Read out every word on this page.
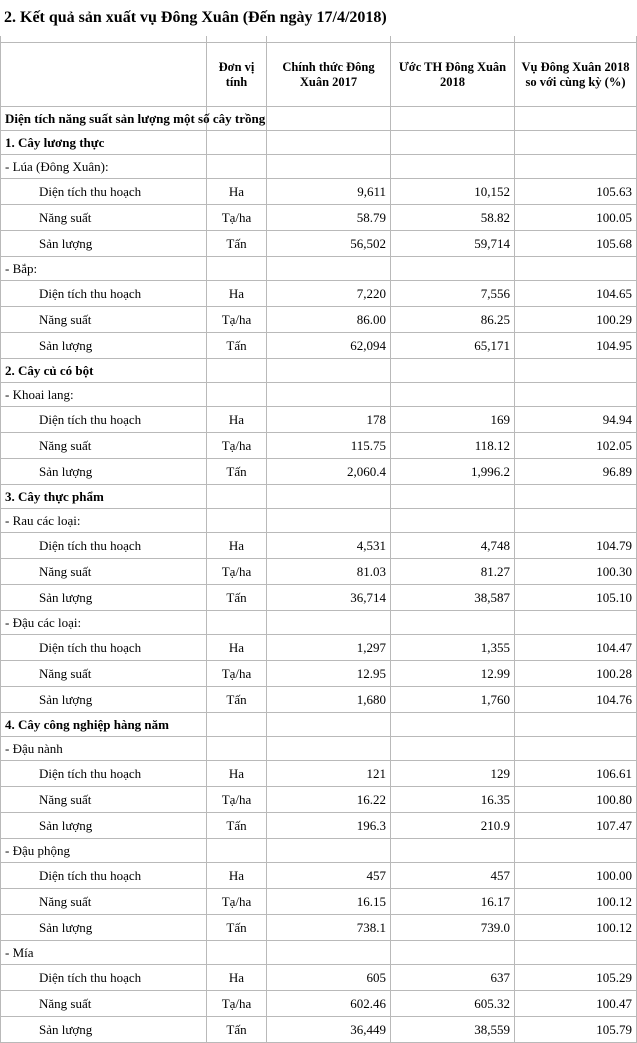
2. Kết quả sản xuất vụ Đông Xuân (Đến ngày 17/4/2018)

	Đơn vị tính	Chính thức Đông Xuân 2017	Ước TH Đông Xuân 2018	Vụ Đông Xuân 2018 so với cùng kỳ (%)
Diện tích năng suất sản lượng một số cây trồng				
1. Cây lương thực				
- Lúa (Đông Xuân):				
Diện tích thu hoạch	Ha	9,611	10,152	105.63
Năng suất	Tạ/ha	58.79	58.82	100.05
Sản lượng	Tấn	56,502	59,714	105.68
- Bắp:				
Diện tích thu hoạch	Ha	7,220	7,556	104.65
Năng suất	Tạ/ha	86.00	86.25	100.29
Sản lượng	Tấn	62,094	65,171	104.95
2. Cây củ có bột				
- Khoai lang:				
Diện tích thu hoạch	Ha	178	169	94.94
Năng suất	Tạ/ha	115.75	118.12	102.05
Sản lượng	Tấn	2,060.4	1,996.2	96.89
3. Cây thực phẩm				
- Rau các loại:				
Diện tích thu hoạch	Ha	4,531	4,748	104.79
Năng suất	Tạ/ha	81.03	81.27	100.30
Sản lượng	Tấn	36,714	38,587	105.10
- Đậu các loại:				
Diện tích thu hoạch	Ha	1,297	1,355	104.47
Năng suất	Tạ/ha	12.95	12.99	100.28
Sản lượng	Tấn	1,680	1,760	104.76
4. Cây công nghiệp hàng năm				
- Đậu nành				
Diện tích thu hoạch	Ha	121	129	106.61
Năng suất	Tạ/ha	16.22	16.35	100.80
Sản lượng	Tấn	196.3	210.9	107.47
- Đậu phộng				
Diện tích thu hoạch	Ha	457	457	100.00
Năng suất	Tạ/ha	16.15	16.17	100.12
Sản lượng	Tấn	738.1	739.0	100.12
- Mía				
Diện tích thu hoạch	Ha	605	637	105.29
Năng suất	Tạ/ha	602.46	605.32	100.47
Sản lượng	Tấn	36,449	38,559	105.79
